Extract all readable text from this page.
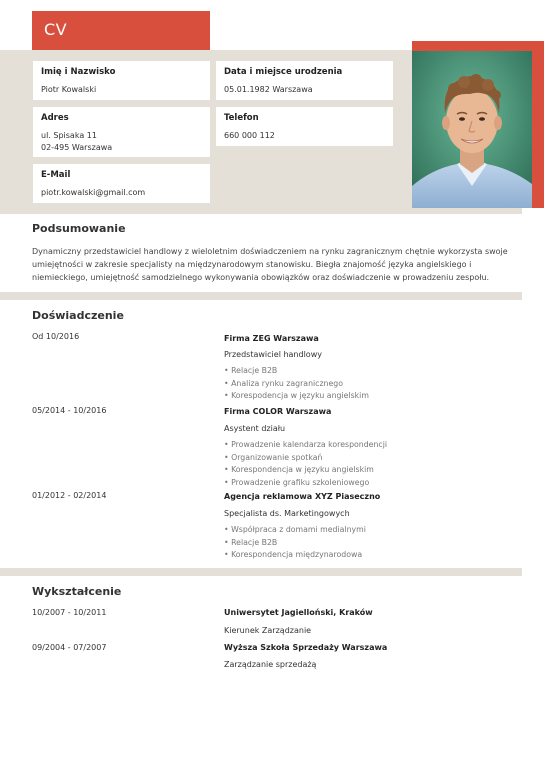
CV
Imię i Nazwisko
Piotr Kowalski
Data i miejsce urodzenia
05.01.1982 Warszawa
Adres
ul. Spisaka 11
02-495 Warszawa
Telefon
660 000 112
E-Mail
piotr.kowalski@gmail.com
Podsumowanie
Dynamiczny przedstawiciel handlowy z wieloletnim doświadczeniem na rynku zagranicznym chętnie wykorzysta swoje
umiejętności w zakresie specjalisty na międzynarodowym stanowisku. Biegła znajomość języka angielskiego i
niemieckiego, umiejętność samodzielnego wykonywania obowiązków oraz doświadczenie w prowadzeniu zespołu.
Doświadczenie
Od 10/2016	Firma ZEG Warszawa
Przedstawiciel handlowy
• Relacje B2B
• Analiza rynku zagranicznego
• Korespodencja w języku angielskim
05/2014 - 10/2016	Firma COLOR Warszawa
Asystent działu
• Prowadzenie kalendarza korespondencji
• Organizowanie spotkań
• Korespondencja w języku angielskim
• Prowadzenie grafiku szkoleniowego
01/2012 - 02/2014	Agencja reklamowa XYZ Piaseczno
Specjalista ds. Marketingowych
• Współpraca z domami medialnymi
• Relacje B2B
• Korespondencja międzynarodowa
Wykształcenie
10/2007 - 10/2011	Uniwersytet Jagielloński, Kraków
Kierunek Zarządzanie
09/2004 - 07/2007	Wyższa Szkoła Sprzedaży Warszawa
Zarządzanie sprzedażą
